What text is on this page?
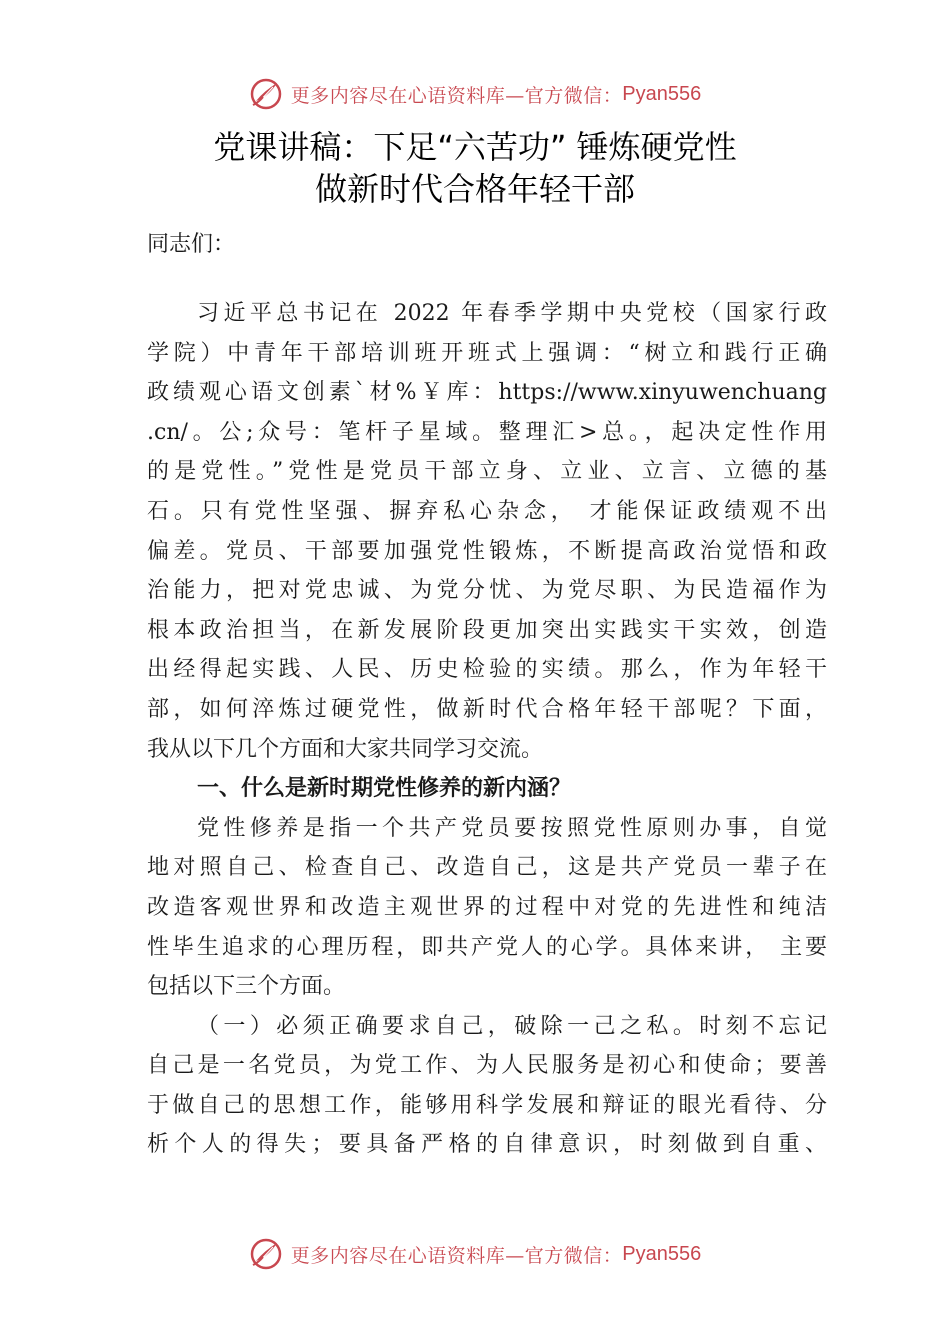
更多内容尽在心语资料库—官方微信： Pyan556
党课讲稿：下足“六苦功” 锤炼硬党性
做新时代合格年轻干部
同志们：
习近平总书记在 2022 年春季学期中央党校（国家行政
学院）中青年干部培训班开班式上强调：“树立和践行正确
政绩观心语文创素`材%￥库：https://www.xinyuwenchuang
.cn/。公;众号：笔杆子星域。整理汇>总。，起决定性作用
的是党性。”党性是党员干部立身、立业、立言、立德的基
石。只有党性坚强、摒弃私心杂念， 才能保证政绩观不出
偏差。党员、干部要加强党性锻炼，不断提高政治觉悟和政
治能力，把对党忠诚、为党分忧、为党尽职、为民造福作为
根本政治担当，在新发展阶段更加突出实践实干实效，创造
出经得起实践、人民、历史检验的实绩。那么，作为年轻干
部，如何淬炼过硬党性，做新时代合格年轻干部呢？下面，
我从以下几个方面和大家共同学习交流。
一、什么是新时期党性修养的新内涵？
党性修养是指一个共产党员要按照党性原则办事，自觉
地对照自己、检查自己、改造自己，这是共产党员一辈子在
改造客观世界和改造主观世界的过程中对党的先进性和纯洁
性毕生追求的心理历程，即共产党人的心学。具体来讲， 主要
包括以下三个方面。
（一）必须正确要求自己，破除一己之私。时刻不忘记
自己是一名党员，为党工作、为人民服务是初心和使命；要善
于做自己的思想工作，能够用科学发展和辩证的眼光看待、分
析个人的得失；要具备严格的自律意识，时刻做到自重、
更多内容尽在心语资料库—官方微信： Pyan556
